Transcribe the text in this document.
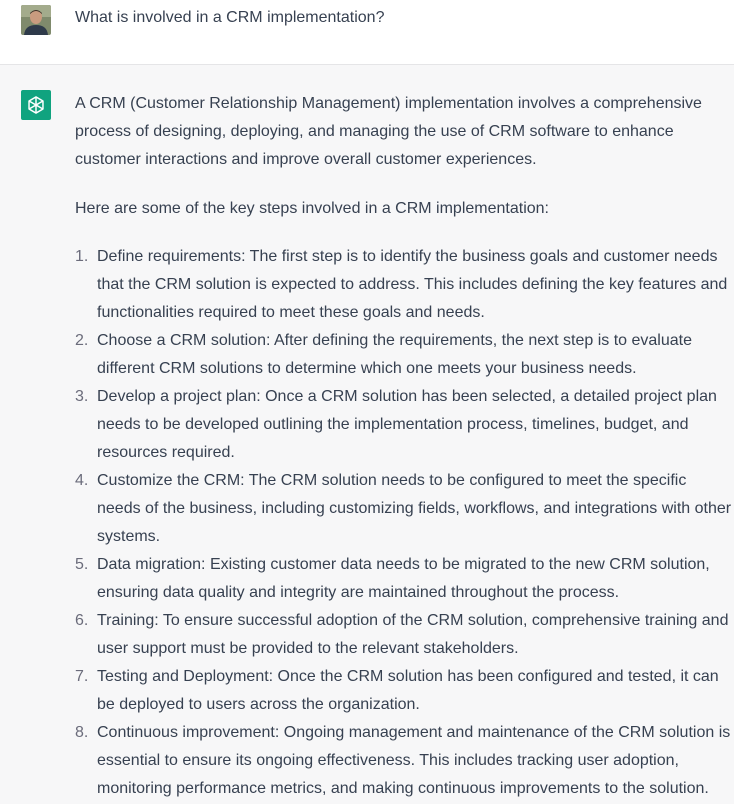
What is involved in a CRM implementation?

A CRM (Customer Relationship Management) implementation involves a comprehensive process of designing, deploying, and managing the use of CRM software to enhance customer interactions and improve overall customer experiences.

Here are some of the key steps involved in a CRM implementation:

1. Define requirements: The first step is to identify the business goals and customer needs that the CRM solution is expected to address. This includes defining the key features and functionalities required to meet these goals and needs.
2. Choose a CRM solution: After defining the requirements, the next step is to evaluate different CRM solutions to determine which one meets your business needs.
3. Develop a project plan: Once a CRM solution has been selected, a detailed project plan needs to be developed outlining the implementation process, timelines, budget, and resources required.
4. Customize the CRM: The CRM solution needs to be configured to meet the specific needs of the business, including customizing fields, workflows, and integrations with other systems.
5. Data migration: Existing customer data needs to be migrated to the new CRM solution, ensuring data quality and integrity are maintained throughout the process.
6. Training: To ensure successful adoption of the CRM solution, comprehensive training and user support must be provided to the relevant stakeholders.
7. Testing and Deployment: Once the CRM solution has been configured and tested, it can be deployed to users across the organization.
8. Continuous improvement: Ongoing management and maintenance of the CRM solution is essential to ensure its ongoing effectiveness. This includes tracking user adoption, monitoring performance metrics, and making continuous improvements to the solution.
